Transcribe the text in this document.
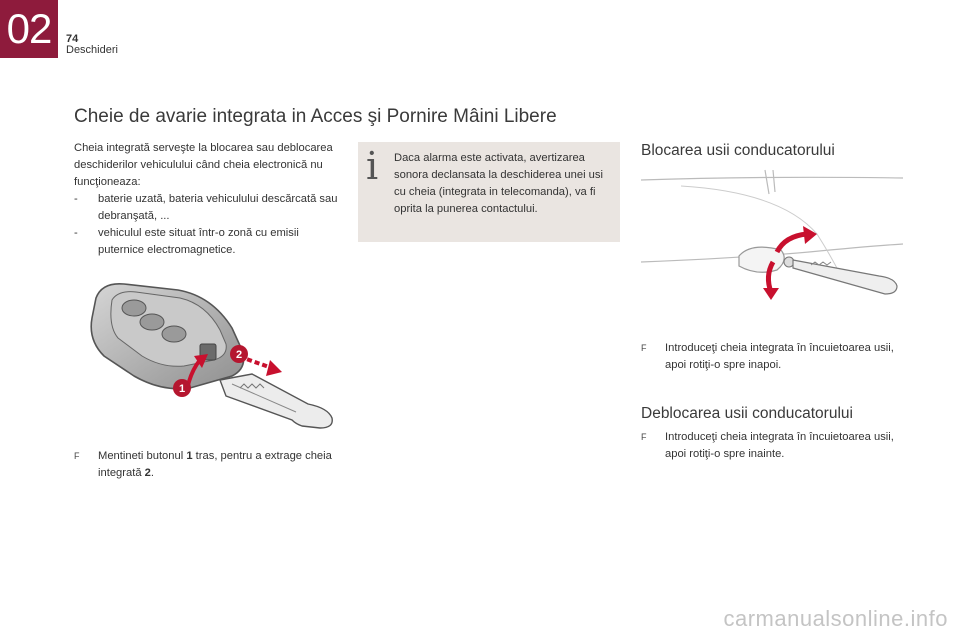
02	74
Deschideri
Cheie de avarie integrata in Acces şi Pornire Mâini Libere

Cheia integrată serveşte la blocarea sau deblocarea deschiderilor vehiculului când cheia electronică nu funcţioneaza:

-	baterie uzată, bateria vehiculului descărcată sau debranşată, ...
-	vehiculul este situat într-o zonă cu emisii puternice electromagnetice.
i Daca alarma este activata, avertizarea sonora declansata la deschiderea unei usi cu cheia (integrata in telecomanda), va fi oprita la punerea contactului.
1
2
F	Mentineti butonul 1 tras, pentru a extrage cheia integrată 2.
Blocarea usii conducatorului
F	Introduceţi cheia integrata în încuietoarea usii, apoi rotiţi-o spre inapoi.
Deblocarea usii conducatorului
F	Introduceţi cheia integrata în încuietoarea usii, apoi rotiţi-o spre inainte.
carmanualsonline.info
